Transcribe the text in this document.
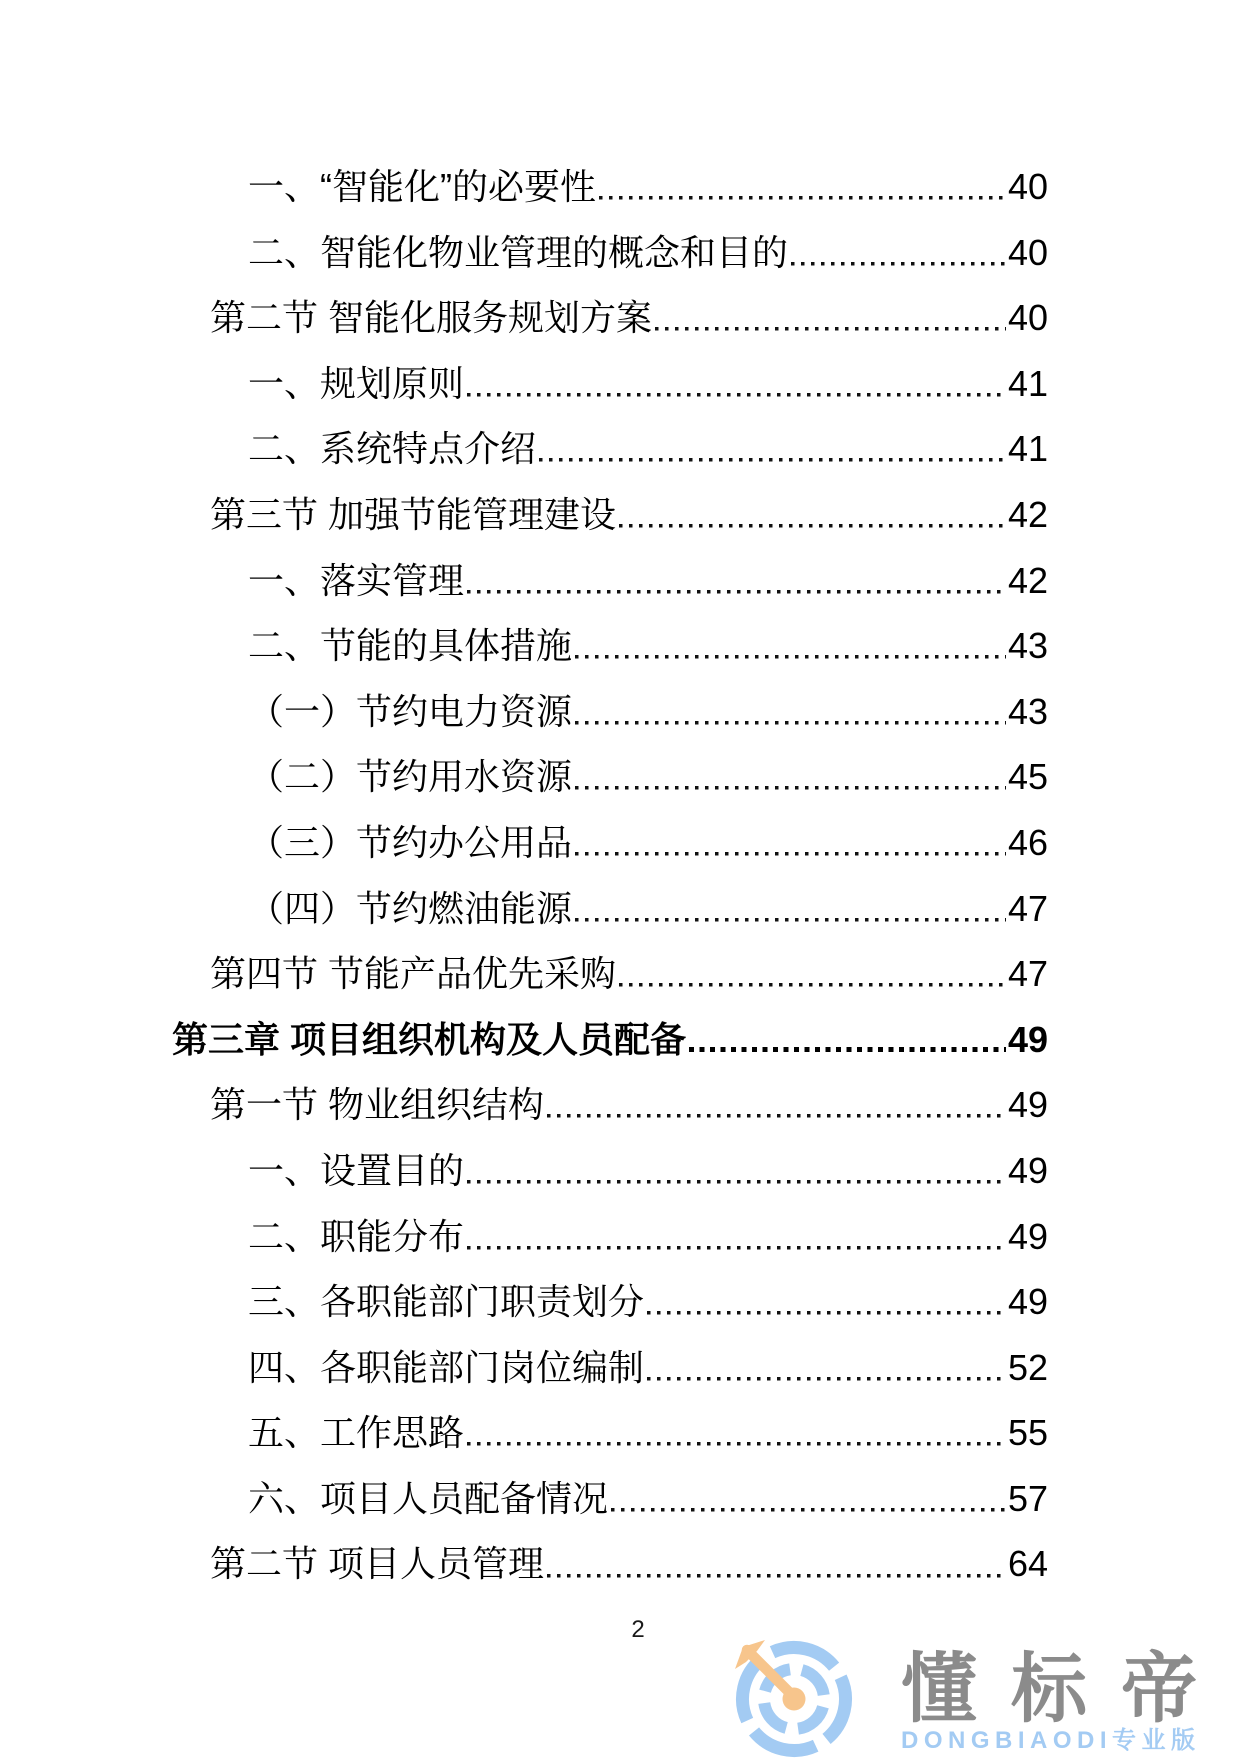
一、“智能化”的必要性	40
二、智能化物业管理的概念和目的	40
第二节 智能化服务规划方案	40
一、规划原则	41
二、系统特点介绍	41
第三节 加强节能管理建设	42
一、落实管理	42
二、节能的具体措施	43
（一）节约电力资源	43
（二）节约用水资源	45
（三）节约办公用品	46
（四）节约燃油能源	47
第四节 节能产品优先采购	47
第三章 项目组织机构及人员配备	49
第一节 物业组织结构	49
一、设置目的	49
二、职能分布	49
三、各职能部门职责划分	49
四、各职能部门岗位编制	52
五、工作思路	55
六、项目人员配备情况	57
第二节 项目人员管理	64
2
懂标帝
DONGBIAODI专业版
